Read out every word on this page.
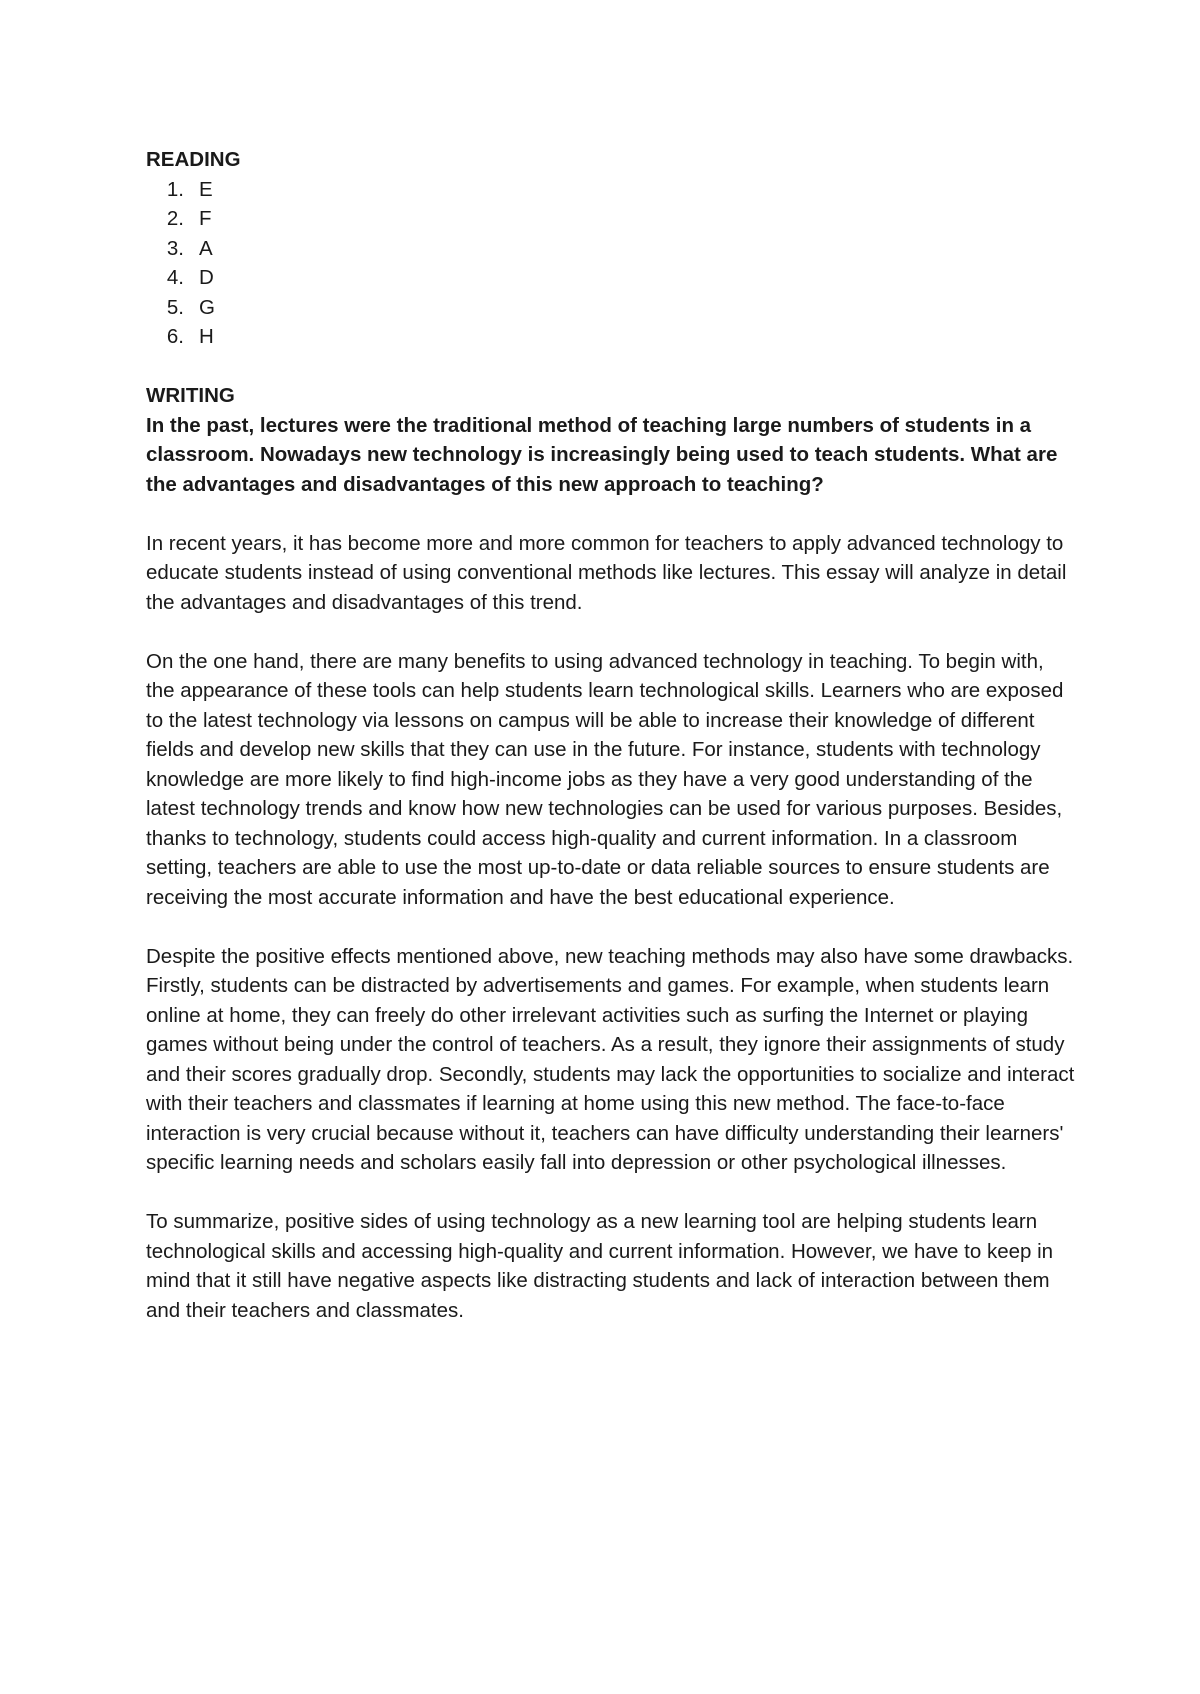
READING

1. E
2. F
3. A
4. D
5. G
6. H

WRITING

In the past, lectures were the traditional method of teaching large numbers of students in a classroom. Nowadays new technology is increasingly being used to teach students. What are the advantages and disadvantages of this new approach to teaching?

In recent years, it has become more and more common for teachers to apply advanced technology to educate students instead of using conventional methods like lectures. This essay will analyze in detail the advantages and disadvantages of this trend.

On the one hand, there are many benefits to using advanced technology in teaching. To begin with, the appearance of these tools can help students learn technological skills. Learners who are exposed to the latest technology via lessons on campus will be able to increase their knowledge of different fields and develop new skills that they can use in the future. For instance, students with technology knowledge are more likely to find high-income jobs as they have a very good understanding of the latest technology trends and know how new technologies can be used for various purposes. Besides, thanks to technology, students could access high-quality and current information. In a classroom setting, teachers are able to use the most up-to-date or data reliable sources to ensure students are receiving the most accurate information and have the best educational experience.

Despite the positive effects mentioned above, new teaching methods may also have some drawbacks. Firstly, students can be distracted by advertisements and games. For example, when students learn online at home, they can freely do other irrelevant activities such as surfing the Internet or playing games without being under the control of teachers. As a result, they ignore their assignments of study and their scores gradually drop. Secondly, students may lack the opportunities to socialize and interact with their teachers and classmates if learning at home using this new method. The face-to-face interaction is very crucial because without it, teachers can have difficulty understanding their learners' specific learning needs and scholars easily fall into depression or other psychological illnesses.

To summarize, positive sides of using technology as a new learning tool are helping students learn technological skills and accessing high-quality and current information. However, we have to keep in mind that it still have negative aspects like distracting students and lack of interaction between them and their teachers and classmates.
